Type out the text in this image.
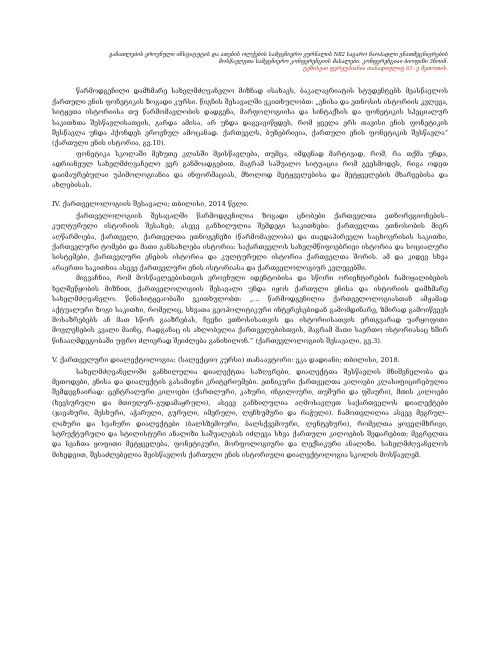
განათლების ეროვნული ინსტიტუტის და ათენის ოლქების სამეცნიერო ჟურნალის N82 საგარო ნაოპადლი ენათმეცნიერების
მოსწავლეთა სამეცნიერო კონფერენციის მასალები. კონფერენციაი ბიოფიზი 3ნოინ.
ტეზისეაი ფერეუჰიანია თანადიფლიტ 61- ე მეთოთის.

წარმოდგენილი დამხმარე სახელმძღვანელო მიზნად ისახავს, ბაკალავრიატის სტუდენტებს მეასწავლოს ქართული ენის ფონეტიკის ზოგადი კურსი. წიგნის შესავალში ვკითხულობთ: „ენისა და ეთნოსის ისტორიის კვლევა, სიტყვთა ისტორიისა თუ წარმომავლობის დადგენა, მარფოლოგიისა და სინტაქსის და ფონეტიკის სპეციალურ საკითხთა შესწავლისათვის, გარდა ამისა, არ უნდა დაგვავიწყდეს, რომ ყველა ერს თავისი ენის ფონეტიკის შესწავლა უნდა ჰქონდეს ეროვნულ ამოცანად. ქართველს, ბუნებრივია, ქართული ენის ფონეტიკის შესწავლა“ (ქართული ენის ისტორია, გვ.10).

ფონეტიკა სკოლაში მეხუთე კლასში მეისწავლება, თუმცა, იმდენად მარტივად, რომ, რა თქმა უნდა, ადრიანეულ სახელმძღვანელო ვერ განმოადგებით, მაგრამ საშუალო სიტუაცია რომ გვესმოდეს, რიგა ოდეთ დაიმაურებულაი უჰიმოლოგიანია და ინფორმაციას, მხოლოდ მეტყველებისა და მეტყველების მხარეებისა და ახლებისას.

IV. ქართველოლოგიის შესავალი; თბილისი, 2014 წელი.

ქართველოლოგიის შესავალში წარმოდგენილია ზოგადი ცნობები ქართველთა ეთნორეგიონების–კულტურული ისტორიის შესახებ; ასევე განხილულია შემდეგი საკითხები: ქართველთა ეთნოსობის მიერ აღწარმოება, ქართველი, ქართველთა ეთნოგენეზი (წარმომავლობა) და თავდაპირველი საცხოვრისის საკითხი, ქართველური ტომები და მათი განსახლება ისტორია: საქართველოს სახელმწიფოებრივი ისტორია და სოციალური სისტემები, ქართველური ენების ისტორია და კულტურული ისტორია ქართველთა შორის. ამ და კიდევ სხვა არაერთი საკითხია ასევე ქართველური ენის ისტორიასა და ქართველოლოგიურ კვლევებში.

მიგვაჩნია, რომ მოსწავლეებისთვის ეროვნული იდენტობისა და სწორი ორიენტირების ჩამოყალიბების ხელშეწყობის მიზნით, ქართველოლოგიის შესავალი უნდა იყოს ქართული ენისა და ისტორიის დამხმარე სახელმძღვანელო. წინასიტყვაობაში ვკითხულობთ: „... წარმოდგენილია ქართველოლოგიასთან ამჟამად აქტუალური ზოგი საკითხი, რომელიც, სხვათა გეოპოლიტიკური ინტერესებიდან გამომდინარე, ზმირად გამოიწვევს მოსაზრებებს ან მათ სწორ გააზრებას, ჩვენი ეთნოსისათვის და ისტორიისათვის ერთგვარად უარყოფითი მოვლენების კვალი მაინც, რადგანაც ის ახლობელია ქართველებისთვის, მაგრამ მათი საერთო ისტორიასაც ხშირ წინააღმდეგობაში უფრო ძლიერად შეიძლება განიხილონ.“ (ქართველოლოგიის შესავალი, გვ.3).

V. ქართველური დიალექტოლოგია; (სალექციო კურსი) თანაავტორი: ვკა დადიანი; თბილისი, 2018.

სახელმძღვანელოში განხილულია დიალექტთა საზღვრები, დიალექტთა შესწავლის მნიშვნელობა და მეთოდები, ენისა და დიალექტის გასამიჯნი კრიტერიუმები. ეთნიკური ქართველთა კილოები კლასიფიცირებულია შემდეგნაირად: ცენტრალური კილოები (ქართლური, კახური, ინგილოური, თუშური და ფშაური), მთის კილოები (ხევსურული და მთიულურ–გუდამაყრული), ასევე განხილულია აღმოსავლეთ საქართველოს დიალექტები (ჯავახური, მესხური, აჭარული, გურული, იმერული, ლეჩხუმური და რაჭული). ჩამოთვლილია ასევე მეგრულ–ლაზური და სვანური დიალექტები (ბალსზემოური, ბალსქვემოური, ლენტეხური), რომელთა ყოველმხრივი, სტრუქტურული და სტილისტური ანალიზი საშუალებას იძლევა სხვა ქართული კილოების შედარებით; მეგრელთა და სვანთა ყოფითი მეტყველება, ფონეტიკური, მორფოლოგიური და ლექსიკური ანალიზი. სახელმძღვანელოს მიხედვით, შესაძლებელია შეისწავლოს ქართული ენის ისტორიული დიალექტოლოგია სკოლის მოსწავლემ.
